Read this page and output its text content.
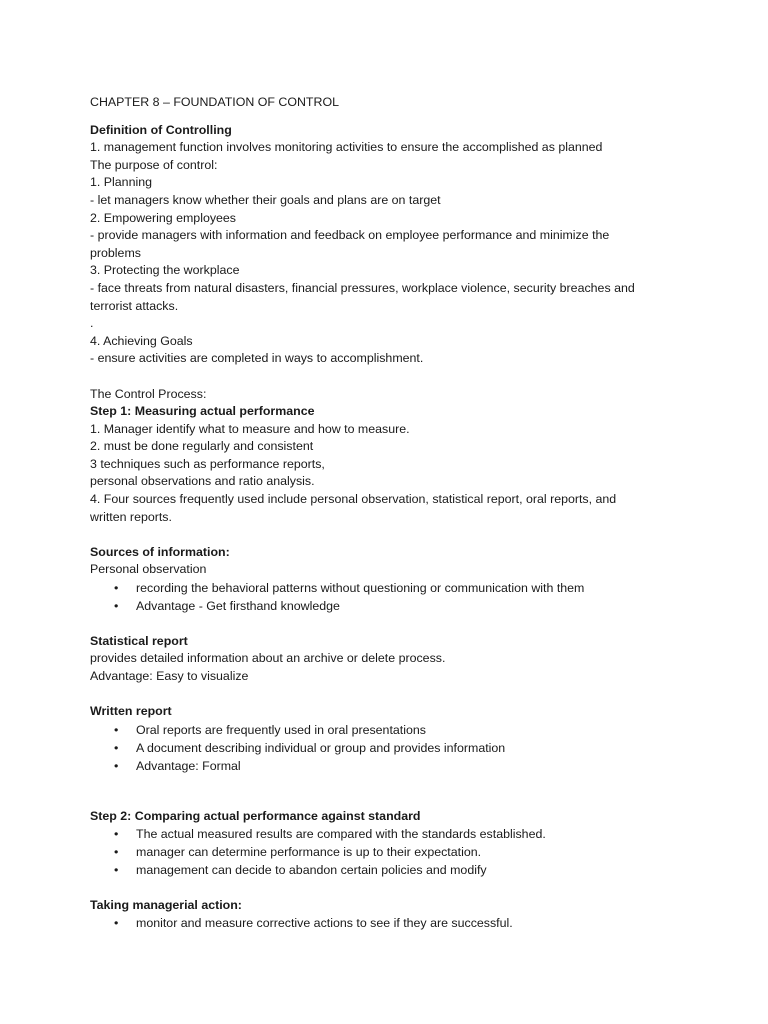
CHAPTER 8 – FOUNDATION OF CONTROL
Definition of Controlling
1. management function involves monitoring activities to ensure the accomplished as planned
The purpose of control:
1. Planning
- let managers know whether their goals and plans are on target
2. Empowering employees
- provide managers with information and feedback on employee performance and minimize the problems
3. Protecting the workplace
- face threats from natural disasters, financial pressures, workplace violence, security breaches and terrorist attacks.
.
4. Achieving Goals
- ensure activities are completed in ways to accomplishment.
The Control Process:
Step 1: Measuring actual performance
1. Manager identify what to measure and how to measure.
2. must be done regularly and consistent
3 techniques such as performance reports,
personal observations and ratio analysis.
4. Four sources frequently used include personal observation, statistical report, oral reports, and written reports.
Sources of information:
Personal observation
• recording the behavioral patterns without questioning or communication with them
• Advantage - Get firsthand knowledge
Statistical report
provides detailed information about an archive or delete process.
Advantage: Easy to visualize
Written report
• Oral reports are frequently used in oral presentations
• A document describing individual or group and provides information
• Advantage: Formal
Step 2: Comparing actual performance against standard
• The actual measured results are compared with the standards established.
• manager can determine performance is up to their expectation.
• management can decide to abandon certain policies and modify
Taking managerial action:
• monitor and measure corrective actions to see if they are successful.
